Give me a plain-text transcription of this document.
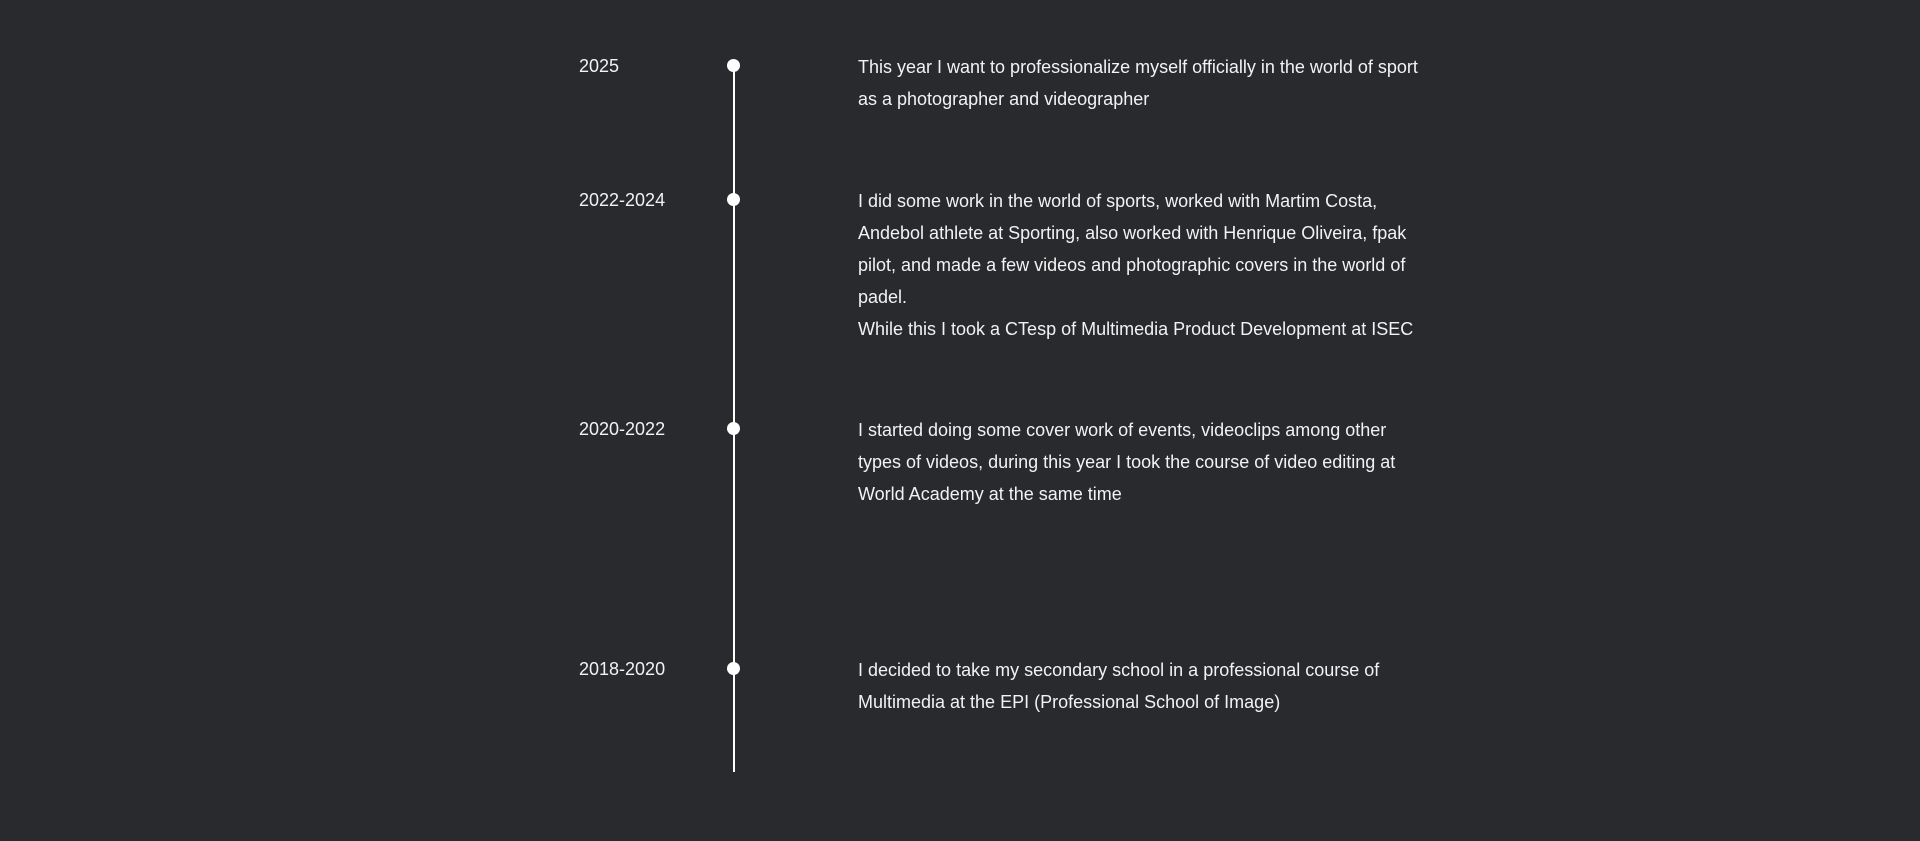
2025	This year I want to professionalize myself officially in the world of sport as a photographer and videographer

2022-2024	I did some work in the world of sports, worked with Martim Costa, Andebol athlete at Sporting, also worked with Henrique Oliveira, fpak pilot, and made a few videos and photographic covers in the world of padel.

While this I took a CTesp of Multimedia Product Development at ISEC

2020-2022	I started doing some cover work of events, videoclips among other types of videos, during this year I took the course of video editing at World Academy at the same time

2018-2020	I decided to take my secondary school in a professional course of Multimedia at the EPI (Professional School of Image)
